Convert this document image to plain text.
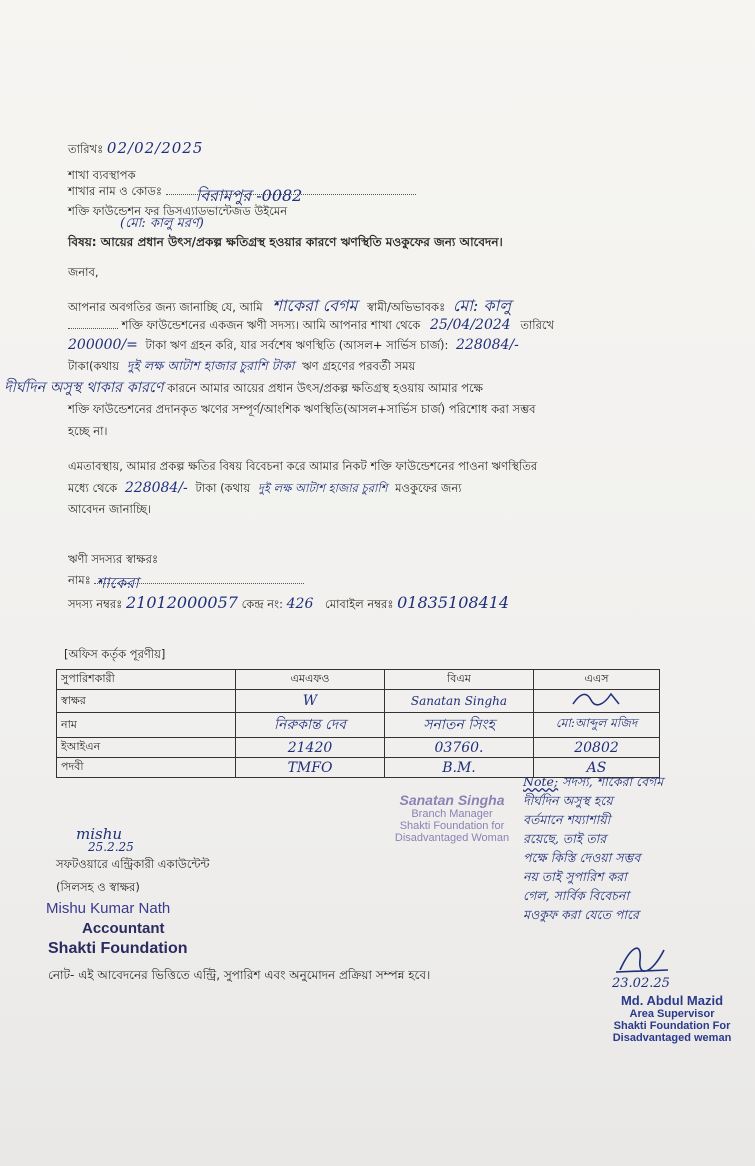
তারিখঃ 02/02/2025
শাখা ব্যবস্থাপক
শাখার নাম ও কোডঃ বিরামপুর -0082
শক্তি ফাউন্ডেশন ফর ডিসএ্যাডভান্টেজড উইমেন
(মো: কালু মরণ)
বিষয়: আয়ের প্রধান উৎস/প্রকল্প ক্ষতিগ্রস্থ হওয়ার কারণে ঋণস্থিতি মওকুফের জন্য আবেদন।
জনাব,
আপনার অবগতির জন্য জানাচ্ছি যে, আমি শাকেরা বেগম স্বামী/অভিভাবকঃ মো: কালু
শক্তি ফাউন্ডেশনের একজন ঋণী সদস্য। আমি আপনার শাখা থেকে 25/04/2024 তারিখে
200000/= টাকা ঋণ গ্রহন করি, যার সর্বশেষ ঋণস্থিতি (আসল+ সার্ভিস চার্জ): 228084/-
টাকা(কথায় দুই লক্ষ আটাশ হাজার চুরাশি টাকা ঋণ গ্রহণের পরবর্তী সময়
দীর্ঘদিন অসুস্থ থাকার কারণে কারনে আমার আয়ের প্রধান উৎস/প্রকল্প ক্ষতিগ্রস্থ হওয়ায় আমার পক্ষে
শক্তি ফাউন্ডেশনের প্রদানকৃত ঋণের সম্পূর্ণ/আংশিক ঋণস্থিতি(আসল+সার্ভিস চার্জ) পরিশোধ করা সম্ভব
হচ্ছে না।
এমতাবস্থায়, আমার প্রকল্প ক্ষতির বিষয় বিবেচনা করে আমার নিকট শক্তি ফাউন্ডেশনের পাওনা ঋণস্থিতির
মধ্যে থেকে 228084/- টাকা (কথায় দুই লক্ষ আটাশ হাজার চুরাশি মওকুফের জন্য
আবেদন জানাচ্ছি।
ঋণী সদস্যর স্বাক্ষরঃ
নামঃ শাকেরা
সদস্য নম্বরঃ 21012000057 কেন্দ্র নং: 426 মোবাইল নম্বরঃ 01835108414
[অফিস কর্তৃক পূরণীয়]
সুপারিশকারী	এমএফও	বিএম	এএস
স্বাক্ষর	W	Sanatan Singha	
নাম	নিরুকান্ত দেব	সনাতন সিংহ	মো:আব্দুল মজিদ
ইআইএন	21420	03760.	20802
পদবী	TMFO	B.M.	AS
Sanatan Singha
Branch Manager
Shakti Foundation for
Disadvantaged Woman
Note; সদস্য, শাকেরা বেগম
দীর্ঘদিন অসুস্থ হয়ে
বর্তমানে শয্যাশায়ী
রয়েছে, তাই তার
পক্ষে কিস্তি দেওয়া সম্ভব
নয় তাই সুপারিশ করা
গেল, সার্বিক বিবেচনা
মওকুফ করা যেতে পারে
mishu
25.2.25
সফটওয়ারে এন্ট্রিকারী একাউন্টেন্ট
(সিলসহ ও স্বাক্ষর)
Mishu Kumar Nath
Accountant
Shakti Foundation
23.02.25
Md. Abdul Mazid
Area Supervisor
Shakti Foundation For
Disadvantaged weman
নোট- এই আবেদনের ভিত্তিতে এন্ট্রি, সুপারিশ এবং অনুমোদন প্রক্রিয়া সম্পন্ন হবে।
